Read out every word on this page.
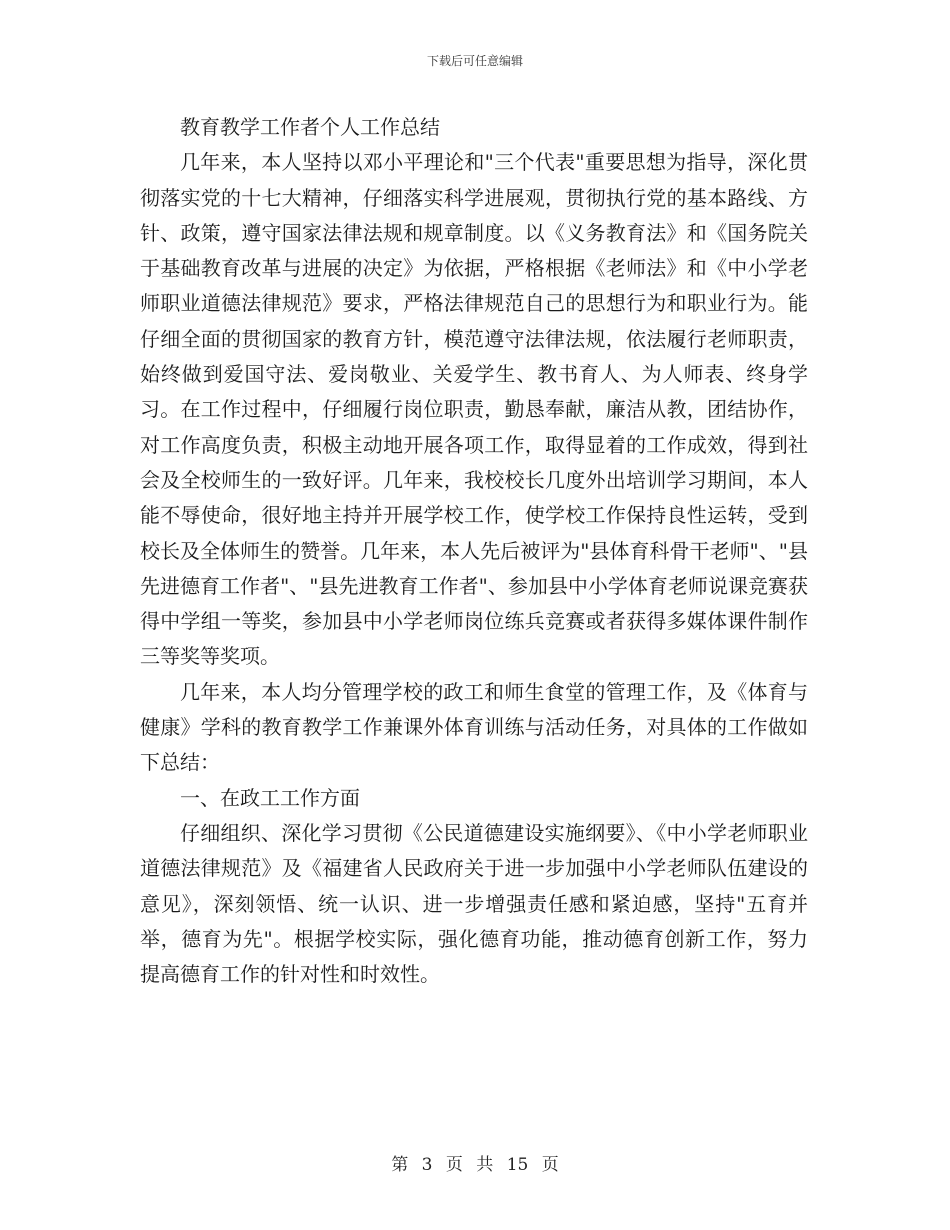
下载后可任意编辑

教育教学工作者个人工作总结

几年来，本人坚持以邓小平理论和"三个代表"重要思想为指导，深化贯彻落实党的十七大精神，仔细落实科学进展观，贯彻执行党的基本路线、方针、政策，遵守国家法律法规和规章制度。以《义务教育法》和《国务院关于基础教育改革与进展的决定》为依据，严格根据《老师法》和《中小学老师职业道德法律规范》要求，严格法律规范自己的思想行为和职业行为。能仔细全面的贯彻国家的教育方针，模范遵守法律法规，依法履行老师职责，始终做到爱国守法、爱岗敬业、关爱学生、教书育人、为人师表、终身学习。在工作过程中，仔细履行岗位职责，勤恳奉献，廉洁从教，团结协作，对工作高度负责，积极主动地开展各项工作，取得显着的工作成效，得到社会及全校师生的一致好评。几年来，我校校长几度外出培训学习期间，本人能不辱使命，很好地主持并开展学校工作，使学校工作保持良性运转，受到校长及全体师生的赞誉。几年来，本人先后被评为"县体育科骨干老师"、"县先进德育工作者"、"县先进教育工作者"、参加县中小学体育老师说课竞赛获得中学组一等奖，参加县中小学老师岗位练兵竞赛或者获得多媒体课件制作三等奖等奖项。

几年来，本人均分管理学校的政工和师生食堂的管理工作，及《体育与健康》学科的教育教学工作兼课外体育训练与活动任务，对具体的工作做如下总结：

一、在政工工作方面

仔细组织、深化学习贯彻《公民道德建设实施纲要》、《中小学老师职业道德法律规范》及《福建省人民政府关于进一步加强中小学老师队伍建设的意见》，深刻领悟、统一认识、进一步增强责任感和紧迫感，坚持"五育并举，德育为先"。根据学校实际，强化德育功能，推动德育创新工作，努力提高德育工作的针对性和时效性。

第 3 页 共 15 页
